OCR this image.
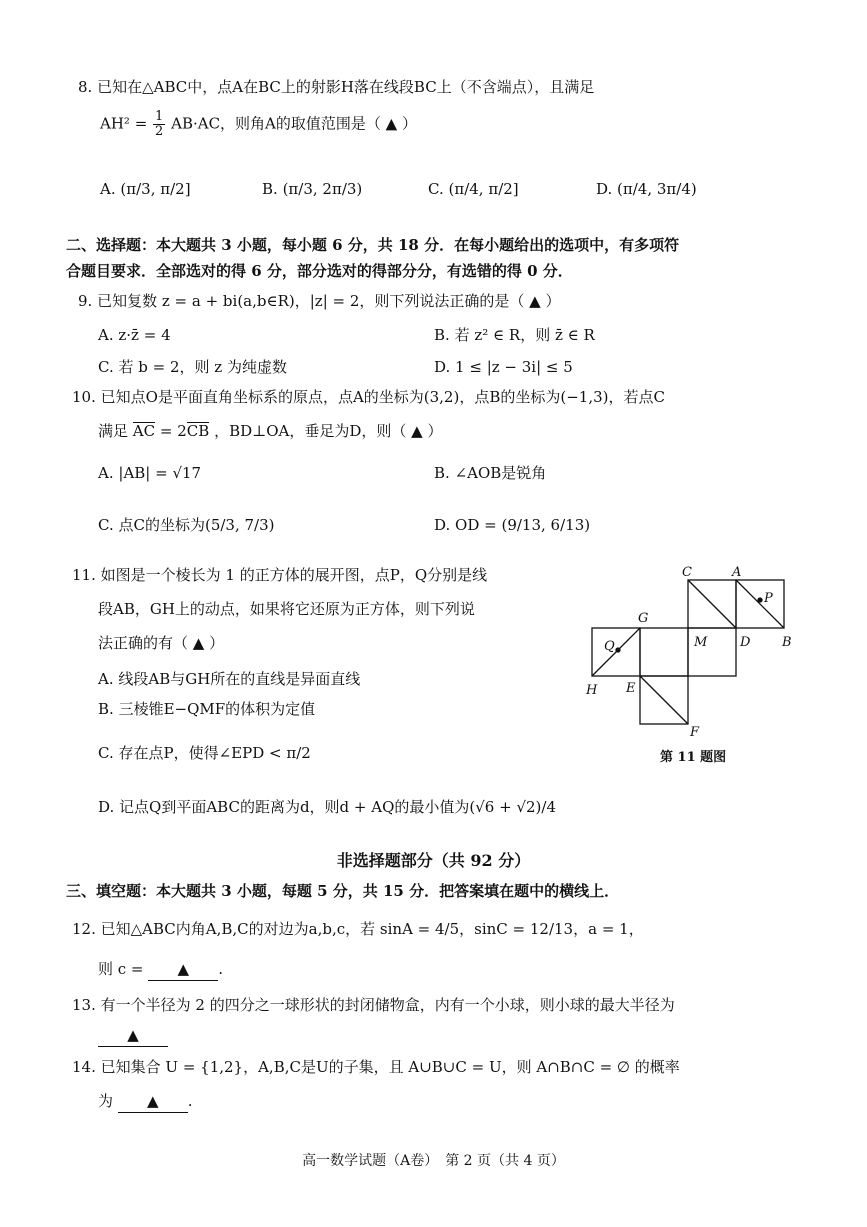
8. 已知在△ABC中，点A在BC上的射影H落在线段BC上（不含端点），且满足
$AH^2 = \frac{1}{2} AB\cdot AC$，则角A的取值范围是（ ▲ ）
A. (π/3, π/2]	B. (π/3, 2π/3)	C. (π/4, π/2]	D. (π/4, 3π/4)
二、选择题：本大题共 3 小题，每小题 6 分，共 18 分．在每小题给出的选项中，有多项符
合题目要求．全部选对的得 6 分，部分选对的得部分分，有选错的得 0 分．
9. 已知复数 z = a + bi(a,b∈R)，|z| = 2，则下列说法正确的是（ ▲ ）
A. z·z̄ = 4	B. 若 z² ∈ R，则 z̄ ∈ R
C. 若 b = 2，则 z 为纯虚数	D. 1 ≤ |z − 3i| ≤ 5
10. 已知点O是平面直角坐标系的原点，点A的坐标为(3,2)，点B的坐标为(−1,3)，若点C
满足 AC = 2CB ，BD⊥OA，垂足为D，则（ ▲ ）
A. |AB| = √17	B. ∠AOB是锐角
C. 点C的坐标为(5/3, 7/3)	D. OD = (9/13, 6/13)
11. 如图是一个棱长为 1 的正方体的展开图，点P，Q分别是线
段AB，GH上的动点，如果将它还原为正方体，则下列说
法正确的有（ ▲ ）
A. 线段AB与GH所在的直线是异面直线
B. 三棱锥E−QMF的体积为定值
C. 存在点P，使得∠EPD < π/2
D. 记点Q到平面ABC的距离为d，则d + AQ的最小值为(√6 + √2)/4
C	A
P
G
Q	M	D B
H E
F
第 11 题图
非选择题部分（共 92 分）
三、填空题：本大题共 3 小题，每题 5 分，共 15 分．把答案填在题中的横线上．
12. 已知△ABC内角A,B,C的对边为a,b,c，若 sinA = 4/5，sinC = 12/13，a = 1，
则 c = ▲ .
13. 有一个半径为 2 的四分之一球形状的封闭储物盒，内有一个小球，则小球的最大半径为
▲
14. 已知集合 U = {1,2}，A,B,C是U的子集，且 A∪B∪C = U，则 A∩B∩C = ∅ 的概率
为 ▲ .
高一数学试题（A卷）　第 2 页（共 4 页）
